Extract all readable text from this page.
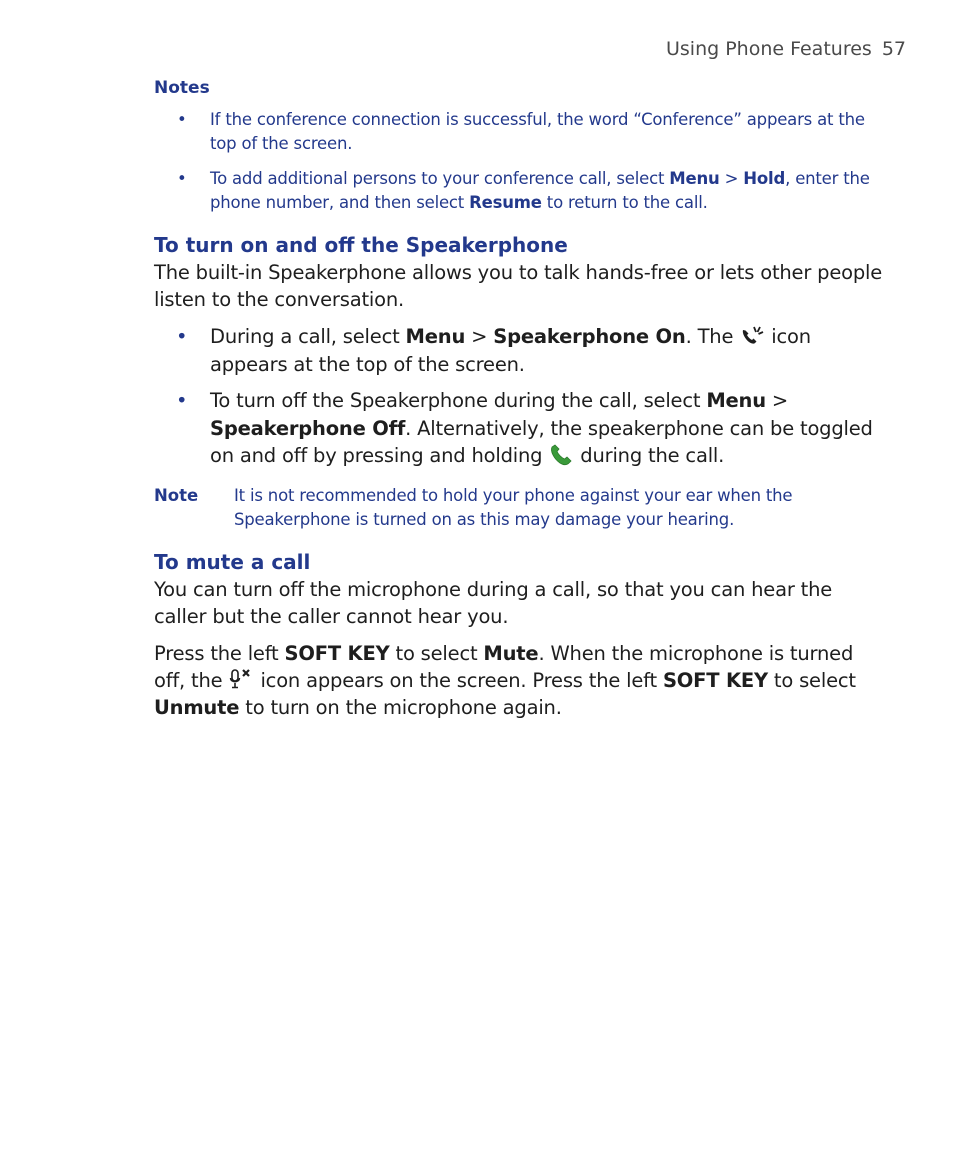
Using Phone Features 57
Notes
• If the conference connection is successful, the word “Conference” appears at the top of the screen.
• To add additional persons to your conference call, select Menu > Hold, enter the phone number, and then select Resume to return to the call.
To turn on and off the Speakerphone

The built-in Speakerphone allows you to talk hands-free or lets other people listen to the conversation.

• During a call, select Menu > Speakerphone On. The  icon appears at the top of the screen.
• To turn off the Speakerphone during the call, select Menu > Speakerphone Off. Alternatively, the speakerphone can be toggled on and off by pressing and holding  during the call.
Note	It is not recommended to hold your phone against your ear when the Speakerphone is turned on as this may damage your hearing.
To mute a call

You can turn off the microphone during a call, so that you can hear the caller but the caller cannot hear you.

Press the left SOFT KEY to select Mute. When the microphone is turned off, the  icon appears on the screen. Press the left SOFT KEY to select Unmute to turn on the microphone again.
